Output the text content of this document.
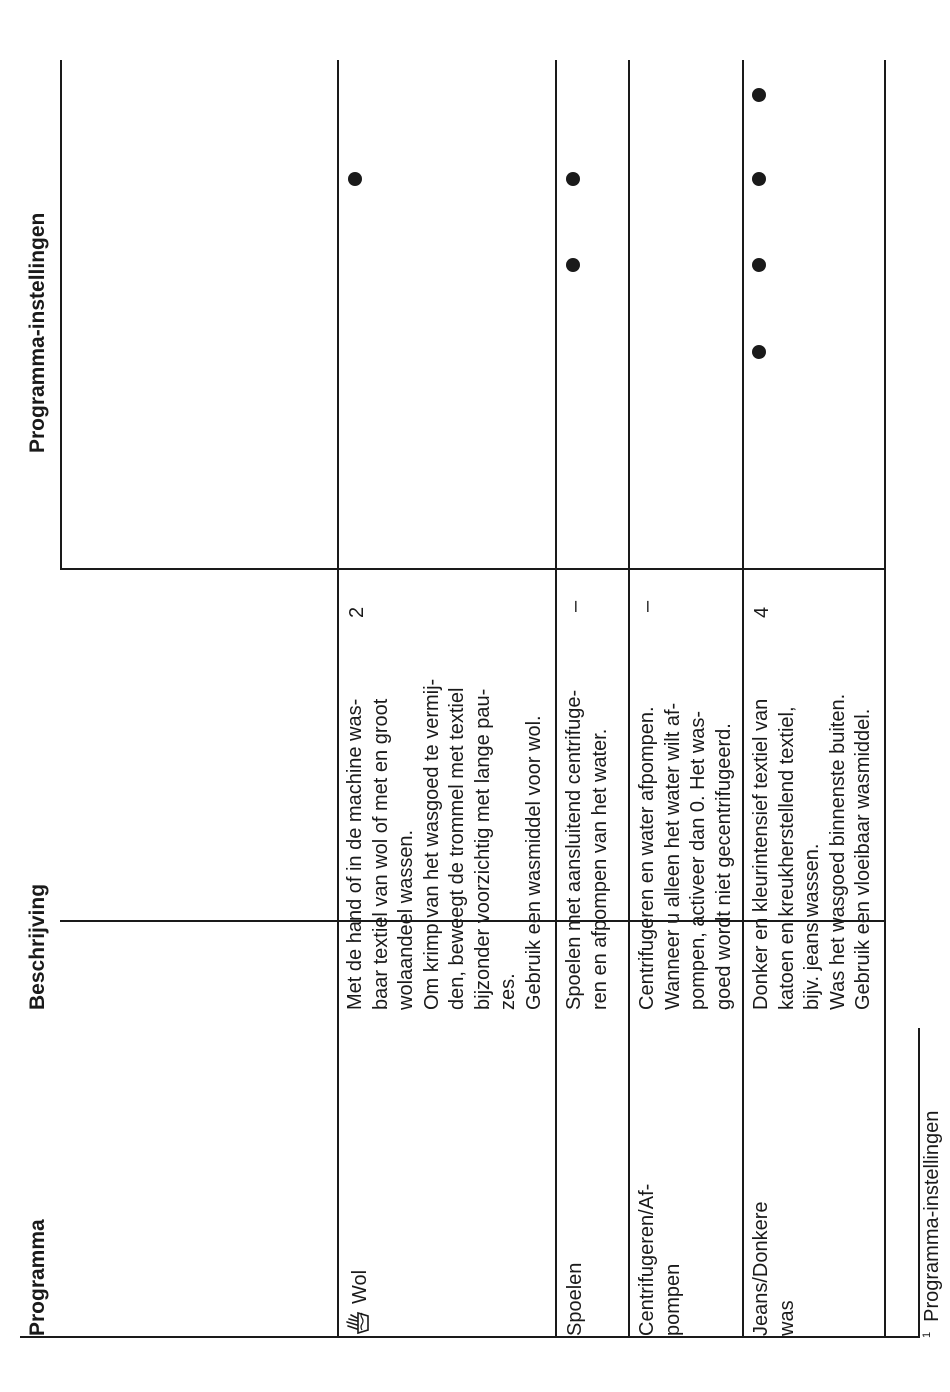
Programma
Beschrijving
Programma-instellingen
Wol
Met de hand of in de machine was- baar textiel van wol of met en groot wolaandeel wassen. Om krimp van het wasgoed te vermij- den, beweegt de trommel met textiel bijzonder voorzichtig met lange pau- zes. Gebruik een wasmiddel voor wol.
2
Spoelen
Spoelen met aansluitend centrifuge- ren en afpompen van het water.
–
Centrifugeren/Af- pompen
Centrifugeren en water afpompen. Wanneer u alleen het water wilt af- pompen, activeer dan 0. Het was- goed wordt niet gecentrifugeerd.
–
Jeans/Donkere was
Donker en kleurintensief textiel van katoen en kreukherstellend textiel, bijv. jeans wassen. Was het wasgoed binnenste buiten. Gebruik een vloeibaar wasmiddel.
4
$^1$Programma-instellingen
